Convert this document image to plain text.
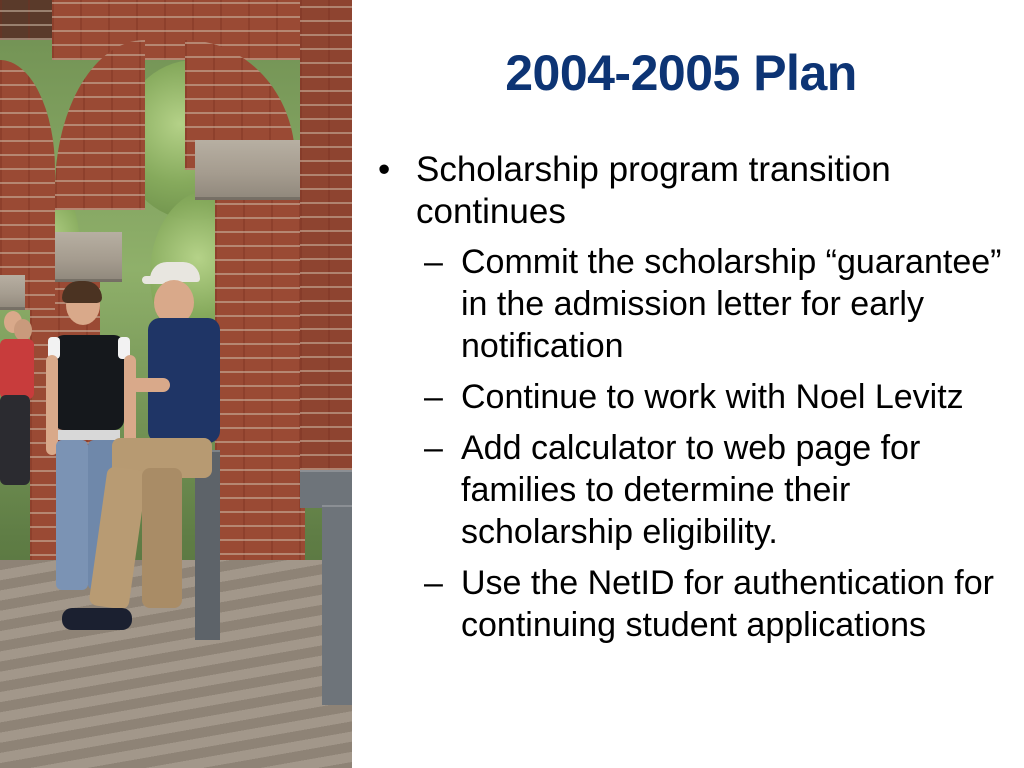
2004-2005 Plan
• Scholarship program transition continues
– Commit the scholarship “guarantee” in the admission letter for early notification
– Continue to work with Noel Levitz
– Add calculator to web page for families to determine their scholarship eligibility.
– Use the NetID for authentication for continuing student applications
